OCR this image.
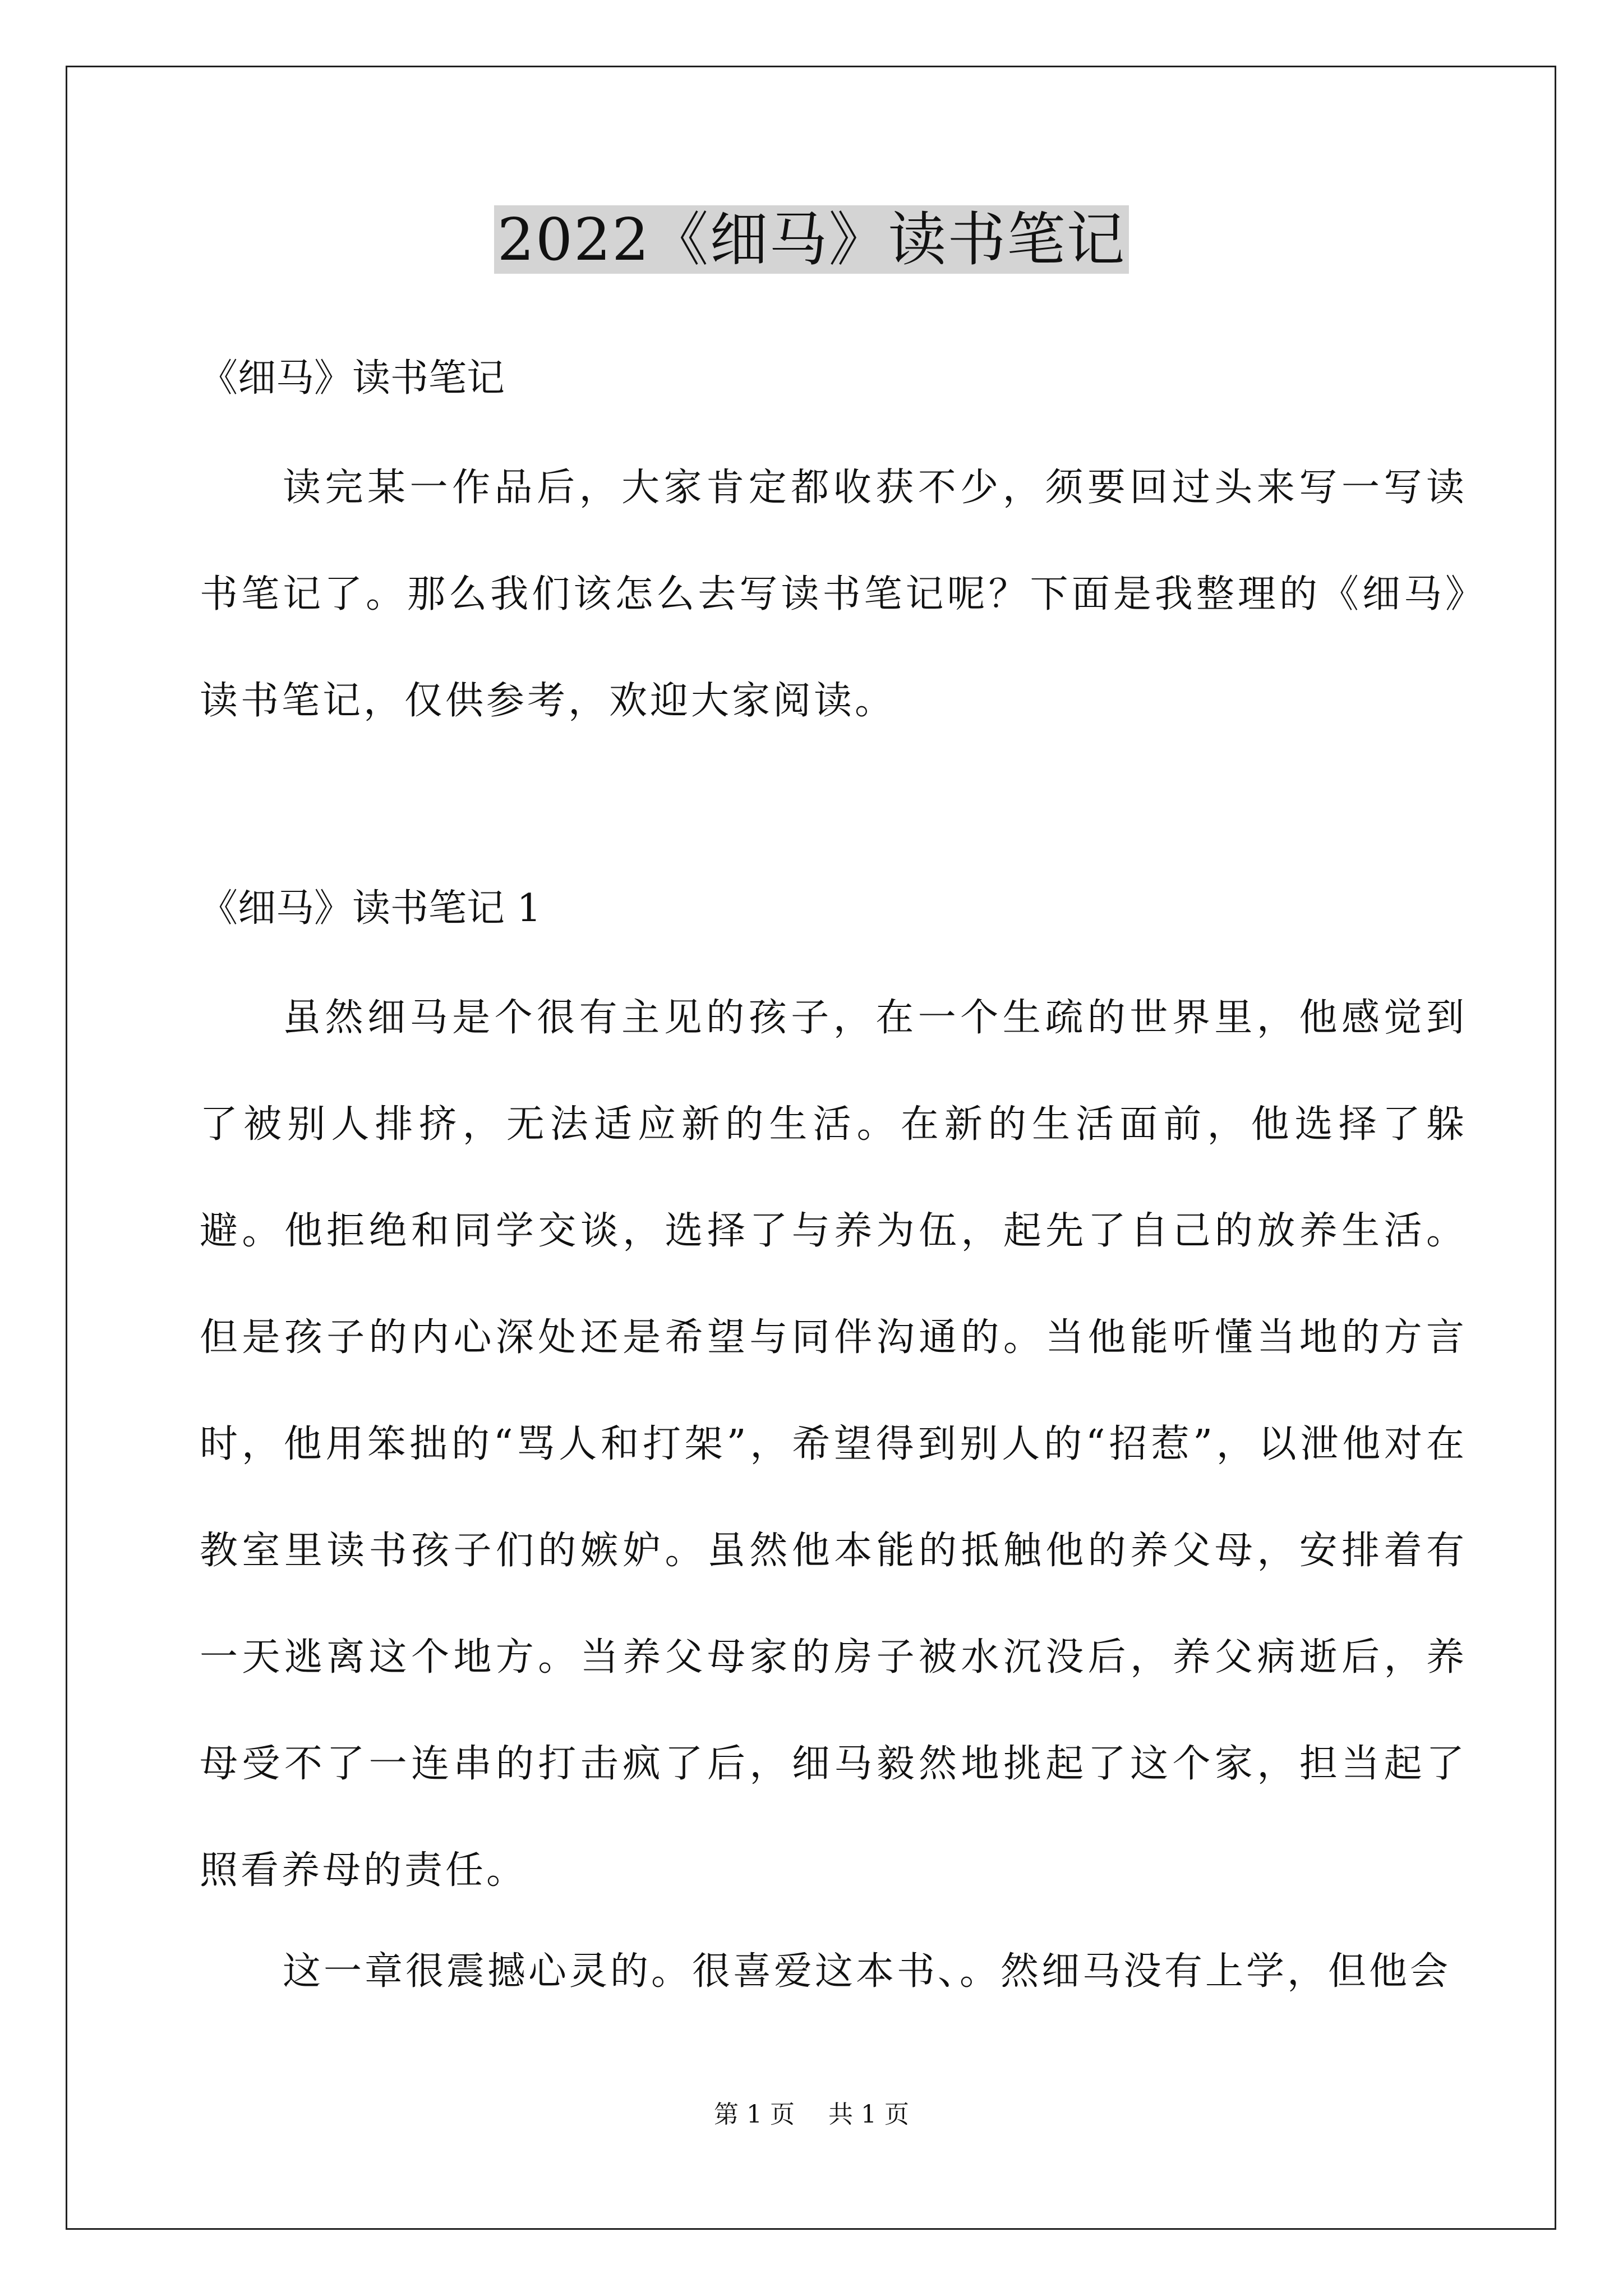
2022《细马》读书笔记
《细马》读书笔记
读完某一作品后，大家肯定都收获不少，须要回过头来写一写读书笔记了。那么我们该怎么去写读书笔记呢？下面是我整理的《细马》读书笔记，仅供参考，欢迎大家阅读。
《细马》读书笔记 1
虽然细马是个很有主见的孩子，在一个生疏的世界里，他感觉到了被别人排挤，无法适应新的生活。在新的生活面前，他选择了躲避。他拒绝和同学交谈，选择了与养为伍，起先了自己的放养生活。但是孩子的内心深处还是希望与同伴沟通的。当他能听懂当地的方言时，他用笨拙的“骂人和打架”，希望得到别人的“招惹”，以泄他对在教室里读书孩子们的嫉妒。虽然他本能的抵触他的养父母，安排着有一天逃离这个地方。当养父母家的房子被水沉没后，养父病逝后，养母受不了一连串的打击疯了后，细马毅然地挑起了这个家，担当起了照看养母的责任。
这一章很震撼心灵的。很喜爱这本书、。然细马没有上学，但他会
第 1 页 共 1 页
